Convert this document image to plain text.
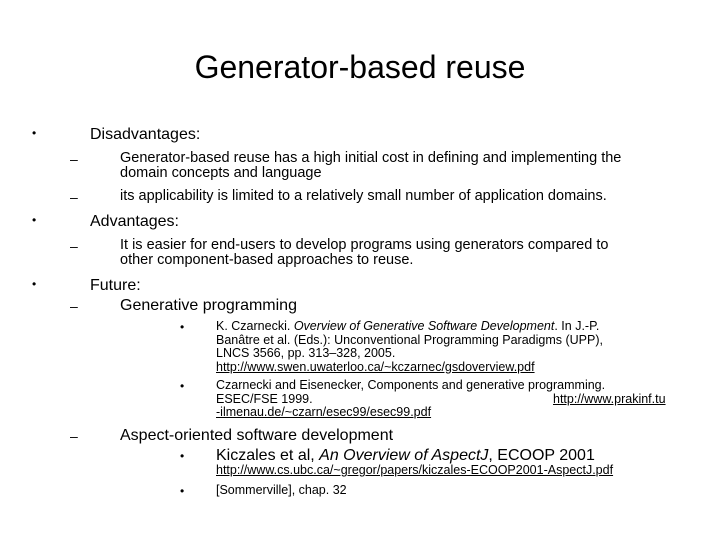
Generator-based reuse
•	Disadvantages:
–	Generator-based reuse has a high initial cost in defining and implementing the
domain concepts and language
–	its applicability is limited to a relatively small number of application domains.
•	Advantages:
–	It is easier for end-users to develop programs using generators compared to
other component-based approaches to reuse.
•	Future:
–	Generative programming
•	K. Czarnecki. Overview of Generative Software Development. In J.-P.
Banâtre et al. (Eds.): Unconventional Programming Paradigms (UPP),
LNCS 3566, pp. 313–328, 2005.
http://www.swen.uwaterloo.ca/~kczarnec/gsdoverview.pdf
•	Czarnecki and Eisenecker, Components and generative programming.
ESEC/FSE 1999.	http://www.prakinf.tu
-ilmenau.de/~czarn/esec99/esec99.pdf
–	Aspect-oriented software development
• Kiczales et al, An Overview of AspectJ, ECOOP 2001
http://www.cs.ubc.ca/~gregor/papers/kiczales-ECOOP2001-AspectJ.pdf
•	[Sommerville], chap. 32
